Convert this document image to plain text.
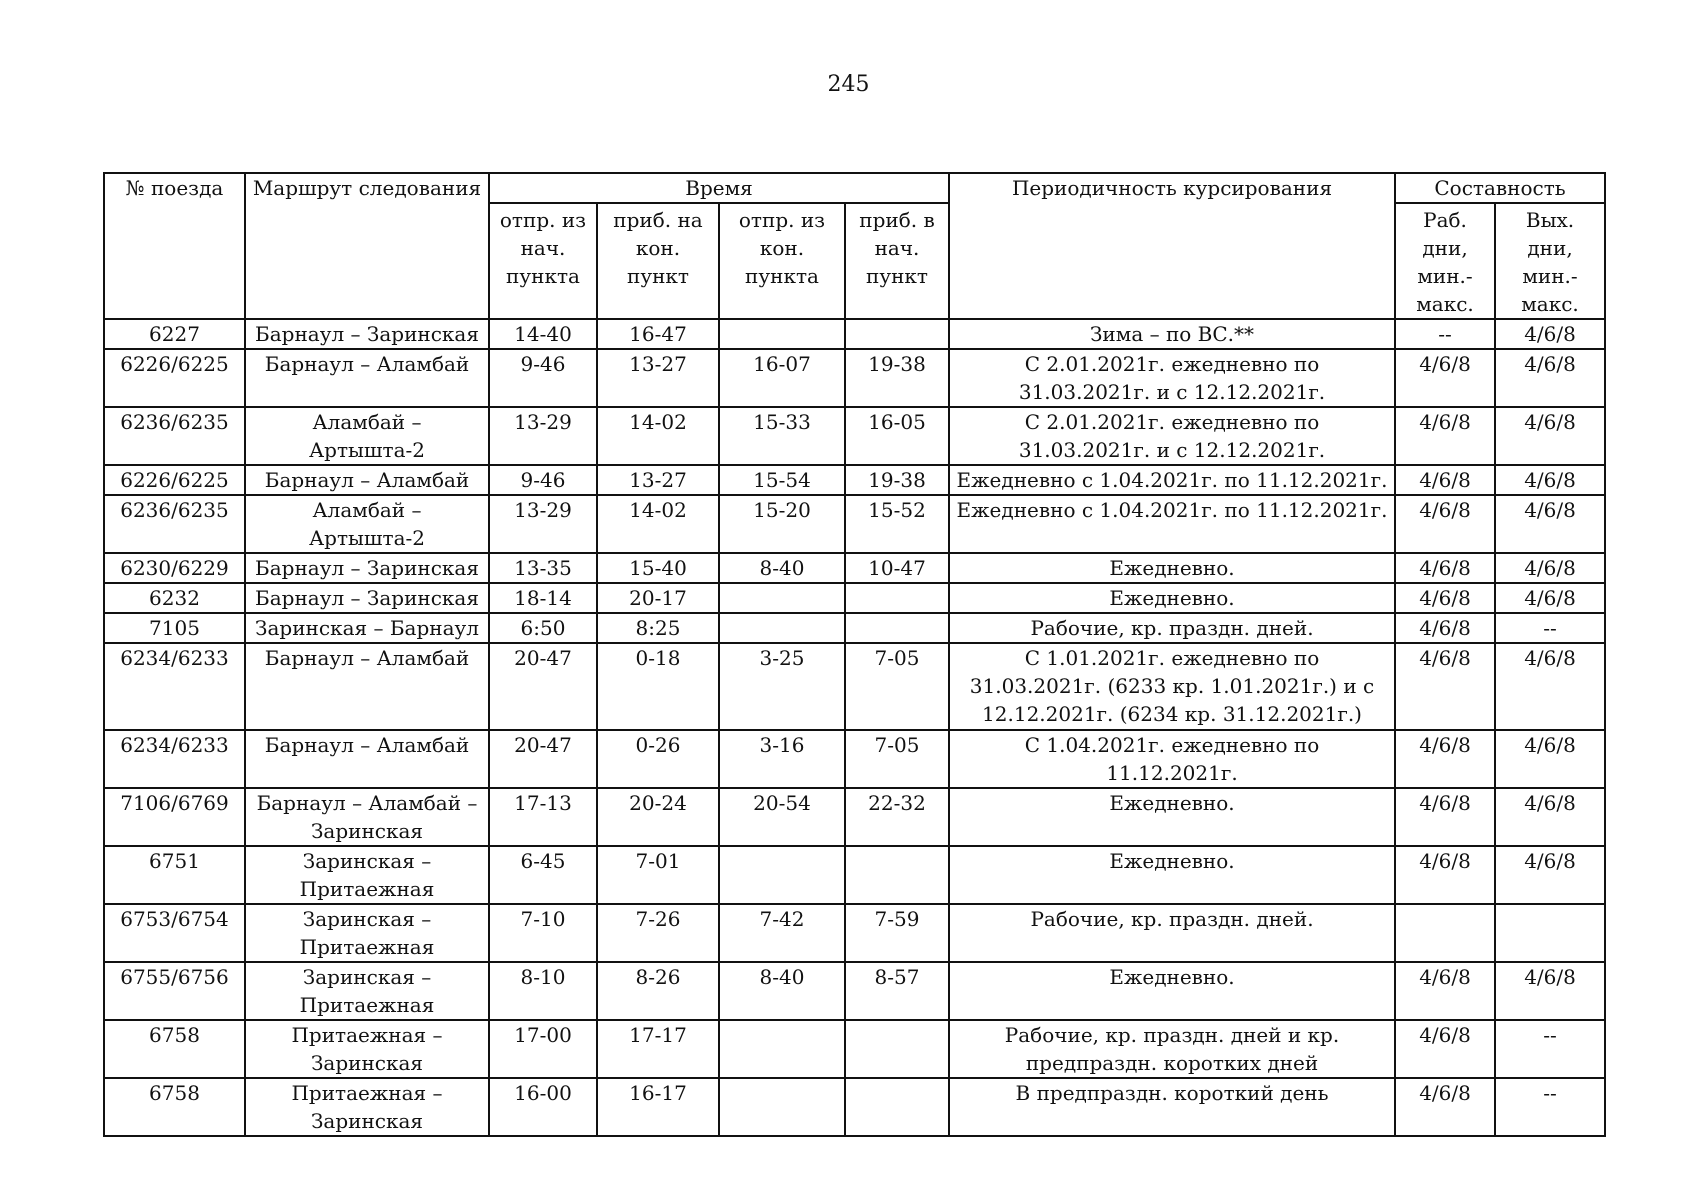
245
№ поезда	Маршрут следования	Время				Периодичность курсирования	Составность	
		отпр. из нач. пункта	приб. на кон. пункт	отпр. из кон. пункта	приб. в нач. пункт		Раб. дни, мин.-макс.	Вых. дни, мин.-макс.
6227	Барнаул – Заринская	14-40	16-47			Зима – по ВС.**	--	4/6/8
6226/6225	Барнаул – Аламбай	9-46	13-27	16-07	19-38	С 2.01.2021г. ежедневно по 31.03.2021г. и с 12.12.2021г.	4/6/8	4/6/8
6236/6235	Аламбай – Артышта-2	13-29	14-02	15-33	16-05	С 2.01.2021г. ежедневно по 31.03.2021г. и с 12.12.2021г.	4/6/8	4/6/8
6226/6225	Барнаул – Аламбай	9-46	13-27	15-54	19-38	Ежедневно с 1.04.2021г. по 11.12.2021г.	4/6/8	4/6/8
6236/6235	Аламбай – Артышта-2	13-29	14-02	15-20	15-52	Ежедневно с 1.04.2021г. по 11.12.2021г.	4/6/8	4/6/8
6230/6229	Барнаул – Заринская	13-35	15-40	8-40	10-47	Ежедневно.	4/6/8	4/6/8
6232	Барнаул – Заринская	18-14	20-17			Ежедневно.	4/6/8	4/6/8
7105	Заринская – Барнаул	6:50	8:25			Рабочие, кр. праздн. дней.	4/6/8	--
6234/6233	Барнаул – Аламбай	20-47	0-18	3-25	7-05	С 1.01.2021г. ежедневно по 31.03.2021г. (6233 кр. 1.01.2021г.) и с 12.12.2021г. (6234 кр. 31.12.2021г.)	4/6/8	4/6/8
6234/6233	Барнаул – Аламбай	20-47	0-26	3-16	7-05	С 1.04.2021г. ежедневно по 11.12.2021г.	4/6/8	4/6/8
7106/6769	Барнаул – Аламбай – Заринская	17-13	20-24	20-54	22-32	Ежедневно.	4/6/8	4/6/8
6751	Заринская – Притаежная	6-45	7-01			Ежедневно.	4/6/8	4/6/8
6753/6754	Заринская – Притаежная	7-10	7-26	7-42	7-59	Рабочие, кр. праздн. дней.		
6755/6756	Заринская – Притаежная	8-10	8-26	8-40	8-57	Ежедневно.	4/6/8	4/6/8
6758	Притаежная – Заринская	17-00	17-17			Рабочие, кр. праздн. дней и кр. предпраздн. коротких дней	4/6/8	--
6758	Притаежная – Заринская	16-00	16-17			В предпраздн. короткий день	4/6/8	--
